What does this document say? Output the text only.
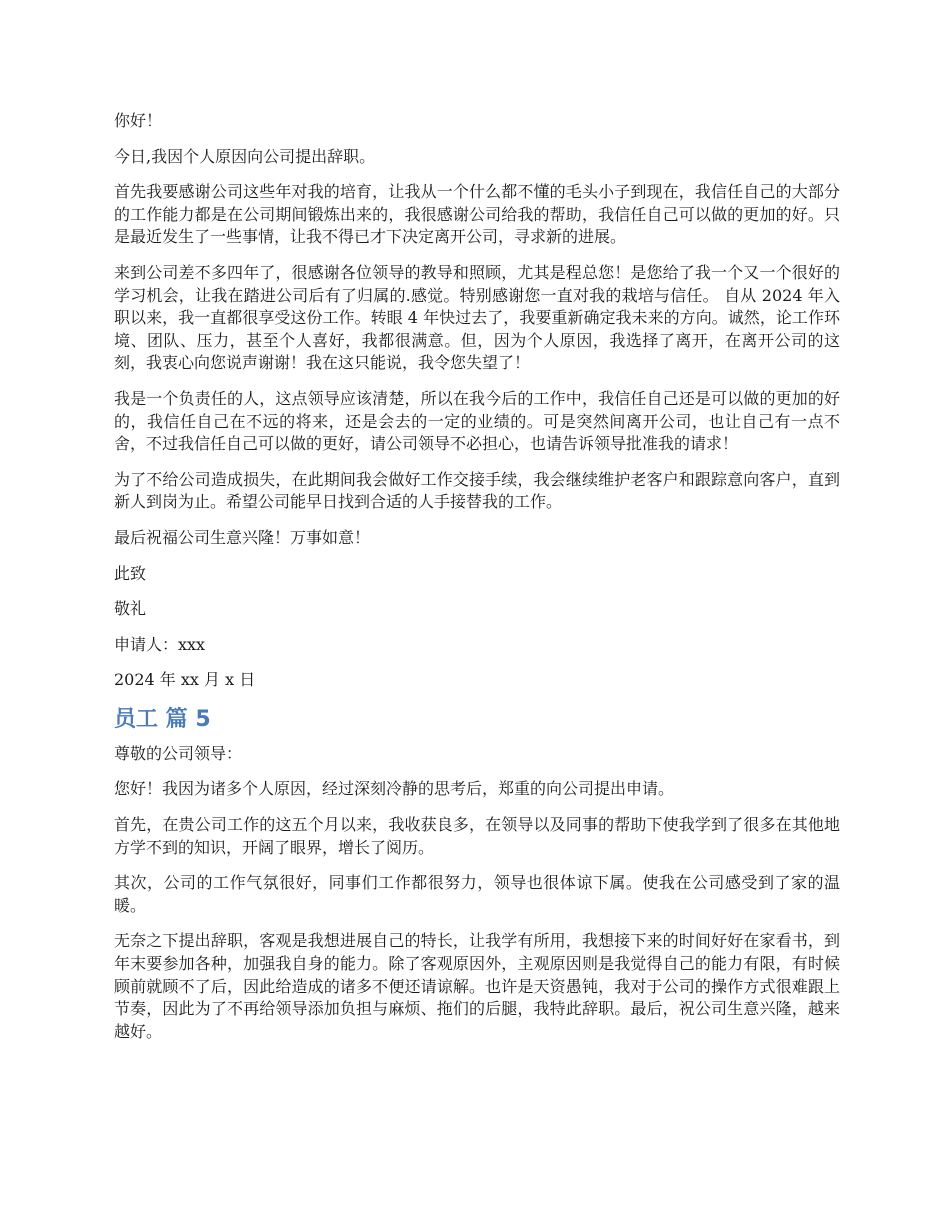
你好！

今日,我因个人原因向公司提出辞职。

首先我要感谢公司这些年对我的培育，让我从一个什么都不懂的毛头小子到现在，我信任自己的大部分的工作能力都是在公司期间锻炼出来的，我很感谢公司给我的帮助，我信任自己可以做的更加的好。只是最近发生了一些事情，让我不得已才下决定离开公司，寻求新的进展。

来到公司差不多四年了，很感谢各位领导的教导和照顾，尤其是程总您！是您给了我一个又一个很好的学习机会，让我在踏进公司后有了归属的.感觉。特别感谢您一直对我的栽培与信任。 自从 2024 年入职以来，我一直都很享受这份工作。转眼 4 年快过去了，我要重新确定我未来的方向。诚然，论工作环境、团队、压力，甚至个人喜好，我都很满意。但，因为个人原因，我选择了离开，在离开公司的这刻，我衷心向您说声谢谢！我在这只能说，我令您失望了！

我是一个负责任的人，这点领导应该清楚，所以在我今后的工作中，我信任自己还是可以做的更加的好的，我信任自己在不远的将来，还是会去的一定的业绩的。可是突然间离开公司，也让自己有一点不舍，不过我信任自己可以做的更好，请公司领导不必担心，也请告诉领导批准我的请求！

为了不给公司造成损失，在此期间我会做好工作交接手续，我会继续维护老客户和跟踪意向客户，直到新人到岗为止。希望公司能早日找到合适的人手接替我的工作。

最后祝福公司生意兴隆！万事如意！

此致

敬礼

申请人：xxx

2024 年 xx 月 x 日

员工 篇 5

尊敬的公司领导：

您好！我因为诸多个人原因，经过深刻冷静的思考后，郑重的向公司提出申请。

首先，在贵公司工作的这五个月以来，我收获良多，在领导以及同事的帮助下使我学到了很多在其他地方学不到的知识，开阔了眼界，增长了阅历。

其次，公司的工作气氛很好，同事们工作都很努力，领导也很体谅下属。使我在公司感受到了家的温暖。

无奈之下提出辞职，客观是我想进展自己的特长，让我学有所用，我想接下来的时间好好在家看书，到年末要参加各种，加强我自身的能力。除了客观原因外，主观原因则是我觉得自己的能力有限，有时候顾前就顾不了后，因此给造成的诸多不便还请谅解。也许是天资愚钝，我对于公司的操作方式很难跟上节奏，因此为了不再给领导添加负担与麻烦、拖们的后腿，我特此辞职。最后，祝公司生意兴隆，越来越好。
